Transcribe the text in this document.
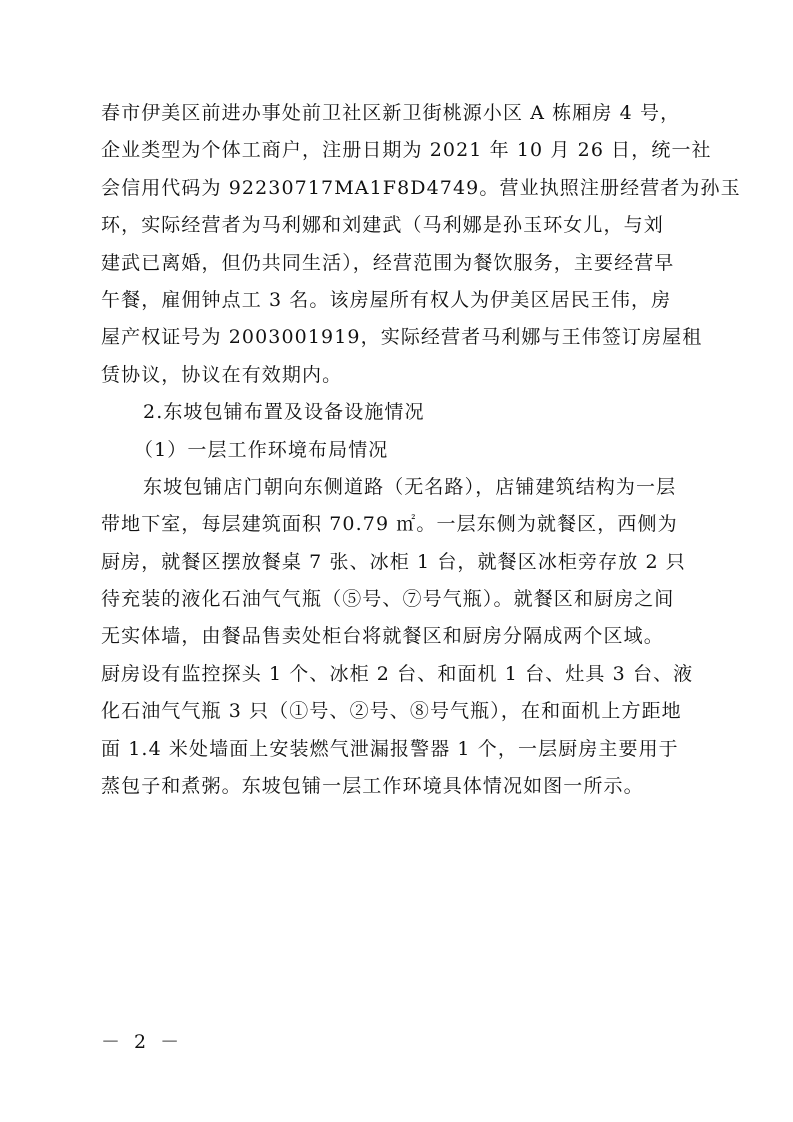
春市伊美区前进办事处前卫社区新卫街桃源小区 A 栋厢房 4 号，
企业类型为个体工商户，注册日期为 2021 年 10 月 26 日，统一社
会信用代码为 92230717MA1F8D4749。营业执照注册经营者为孙玉
环，实际经营者为马利娜和刘建武（马利娜是孙玉环女儿，与刘
建武已离婚，但仍共同生活），经营范围为餐饮服务，主要经营早
午餐，雇佣钟点工 3 名。该房屋所有权人为伊美区居民王伟，房
屋产权证号为 2003001919，实际经营者马利娜与王伟签订房屋租
赁协议，协议在有效期内。
2.东坡包铺布置及设备设施情况
（1）一层工作环境布局情况
东坡包铺店门朝向东侧道路（无名路），店铺建筑结构为一层
带地下室，每层建筑面积 70.79 ㎡。一层东侧为就餐区，西侧为
厨房，就餐区摆放餐桌 7 张、冰柜 1 台，就餐区冰柜旁存放 2 只
待充装的液化石油气气瓶（⑤号、⑦号气瓶）。就餐区和厨房之间
无实体墙，由餐品售卖处柜台将就餐区和厨房分隔成两个区域。
厨房设有监控探头 1 个、冰柜 2 台、和面机 1 台、灶具 3 台、液
化石油气气瓶 3 只（①号、②号、⑧号气瓶），在和面机上方距地
面 1.4 米处墙面上安装燃气泄漏报警器 1 个，一层厨房主要用于
蒸包子和煮粥。东坡包铺一层工作环境具体情况如图一所示。
－ 2 －
